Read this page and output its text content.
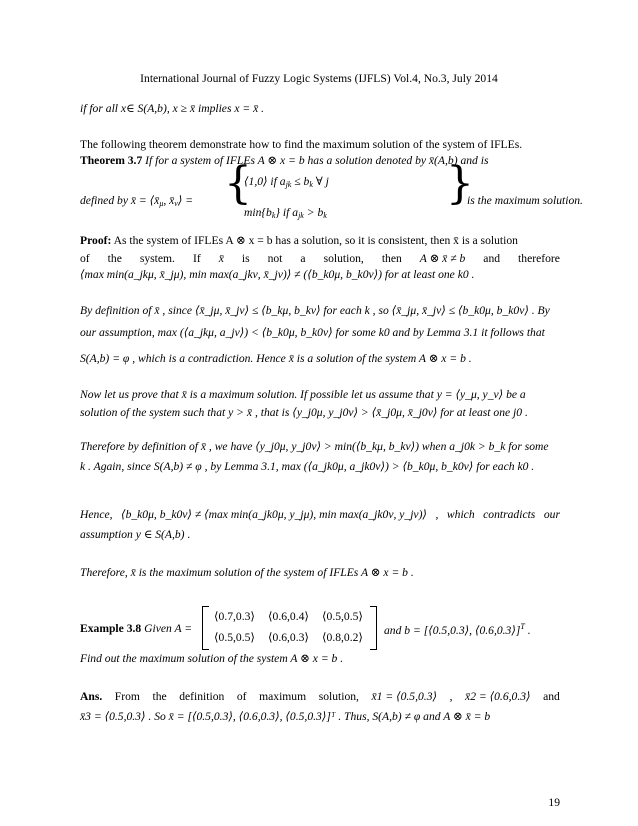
International Journal of Fuzzy Logic Systems (IJFLS) Vol.4, No.3, July 2014
if for all x∈ S(A,b), x ≥ x̄ implies x = x̄ .
The following theorem demonstrate how to find the maximum solution of the system of IFLEs.
Theorem 3.7 If for a system of IFLEs A ⊗ x = b has a solution denoted by x̄(A,b) and is
defined by x̄ = $⟨x̄_\mu$, $x̄_\nu⟩$ = {
⟨1,0⟩ if $a_{jk} \le b_k$ ∀ j
$\min\{b_k\}$ if $a_{jk} > b_k$
}
is the maximum solution.
Proof: As the system of IFLEs A ⊗ x = b has a solution, so it is consistent, then x̄ is a solution
of the system. If x̄ is not a solution, then A ⊗ x̄ ≠ b and therefore
⟨max min(a_jkμ, x̄_jμ), min max(a_jkν, x̄_jν)⟩ ≠ (⟨b_k0μ, b_k0ν⟩) for at least one k0 .
By definition of x̄ , since ⟨x̄_jμ, x̄_jν⟩ ≤ ⟨b_kμ, b_kν⟩ for each k , so ⟨x̄_jμ, x̄_jν⟩ ≤ ⟨b_k0μ, b_k0ν⟩ . By
our assumption, max (⟨a_jkμ, a_jν⟩) < ⟨b_k0μ, b_k0ν⟩ for some k0 and by Lemma 3.1 it follows that
S(A,b) = φ , which is a contradiction. Hence x̄ is a solution of the system A ⊗ x = b .
Now let us prove that x̄ is a maximum solution. If possible let us assume that y = ⟨y_μ, y_ν⟩ be a
solution of the system such that y > x̄ , that is ⟨y_j0μ, y_j0ν⟩ > ⟨x̄_j0μ, x̄_j0ν⟩ for at least one j0 .
Therefore by definition of x̄ , we have ⟨y_j0μ, y_j0ν⟩ > min(⟨b_kμ, b_kν⟩) when a_j0k > b_k for some
k . Again, since S(A,b) ≠ φ , by Lemma 3.1, max (⟨a_jk0μ, a_jk0ν⟩) > ⟨b_k0μ, b_k0ν⟩ for each k0 .
Hence, ⟨b_k0μ, b_k0ν⟩ ≠ ⟨max min(a_jk0μ, y_jμ), min max(a_jk0ν, y_jν)⟩ , which contradicts our
assumption y ∈ S(A,b) .
Therefore, x̄ is the maximum solution of the system of IFLEs A ⊗ x = b .
Example 3.8 Given A =
⟨0.7,0.3⟩ ⟨0.6,0.4⟩ ⟨0.5,0.5⟩
⟨0.5,0.5⟩ ⟨0.6,0.3⟩ ⟨0.8,0.2⟩
and b = [⟨0.5,0.3⟩, ⟨0.6,0.3⟩]$^T$ .
Find out the maximum solution of the system A ⊗ x = b .
Ans. From the definition of maximum solution, x̄1 = ⟨0.5,0.3⟩ , x̄2 = ⟨0.6,0.3⟩ and
x̄3 = ⟨0.5,0.3⟩ . So x̄ = [⟨0.5,0.3⟩, ⟨0.6,0.3⟩, ⟨0.5,0.3⟩]ᵀ . Thus, S(A,b) ≠ φ and A ⊗ x̄ = b
19
